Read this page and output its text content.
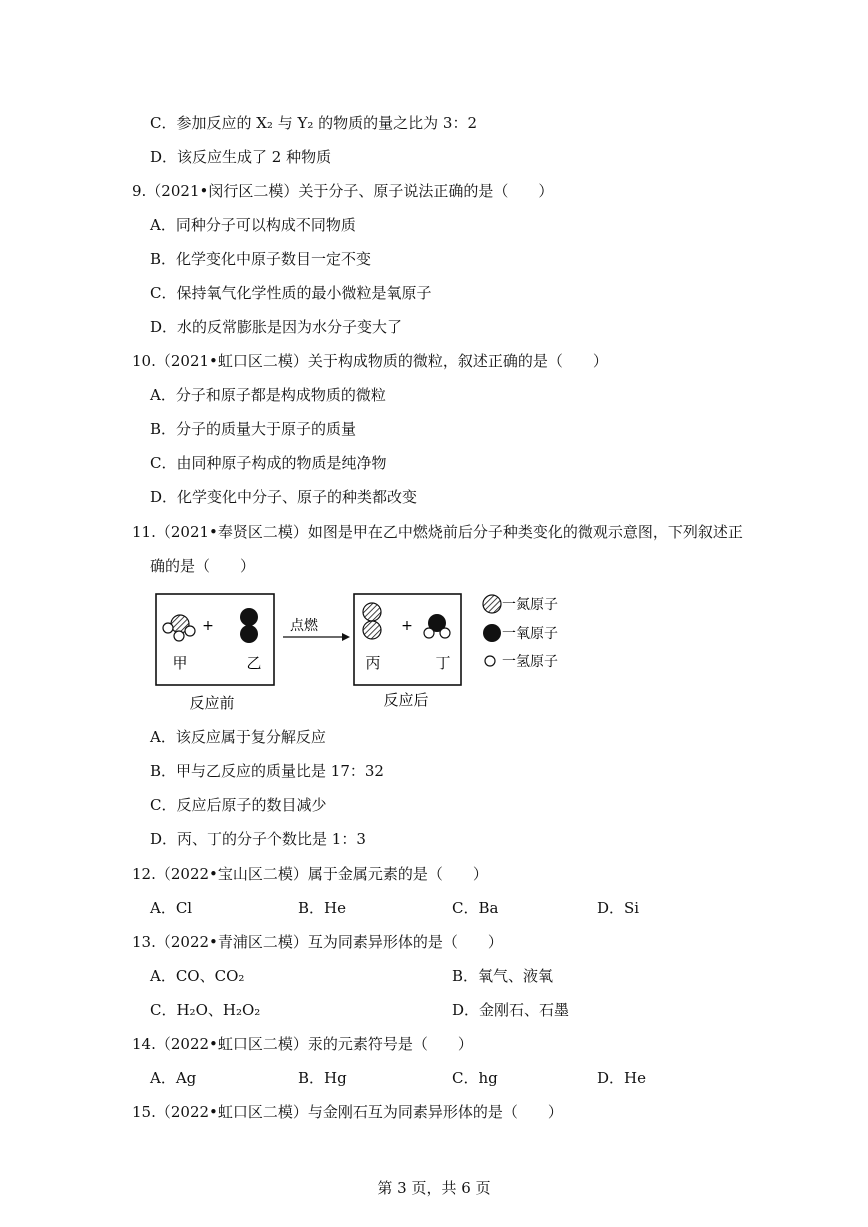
C．参加反应的 X₂ 与 Y₂ 的物质的量之比为 3：2
D．该反应生成了 2 种物质
9.（2021•闵行区二模）关于分子、原子说法正确的是（　　）
A．同种分子可以构成不同物质
B．化学变化中原子数目一定不变
C．保持氧气化学性质的最小微粒是氧原子
D．水的反常膨胀是因为水分子变大了
10.（2021•虹口区二模）关于构成物质的微粒，叙述正确的是（　　）
A．分子和原子都是构成物质的微粒
B．分子的质量大于原子的质量
C．由同种原子构成的物质是纯净物
D．化学变化中分子、原子的种类都改变
11.（2021•奉贤区二模）如图是甲在乙中燃烧前后分子种类变化的微观示意图，下列叙述正
确的是（　　）
+
甲	乙
反应前
点燃	+
丙	丁
反应后
一氮原子
一氧原子
一氢原子
A．该反应属于复分解反应
B．甲与乙反应的质量比是 17：32
C．反应后原子的数目减少
D．丙、丁的分子个数比是 1：3
12.（2022•宝山区二模）属于金属元素的是（　　）
A．Cl	B．He	C．Ba	D．Si
13.（2022•青浦区二模）互为同素异形体的是（　　）
A．CO、CO₂	B．氧气、液氧
C．H₂O、H₂O₂	D．金刚石、石墨
14.（2022•虹口区二模）汞的元素符号是（　　）
A．Ag	B．Hg	C．hg	D．He
15.（2022•虹口区二模）与金刚石互为同素异形体的是（　　）
第 3 页，共 6 页
